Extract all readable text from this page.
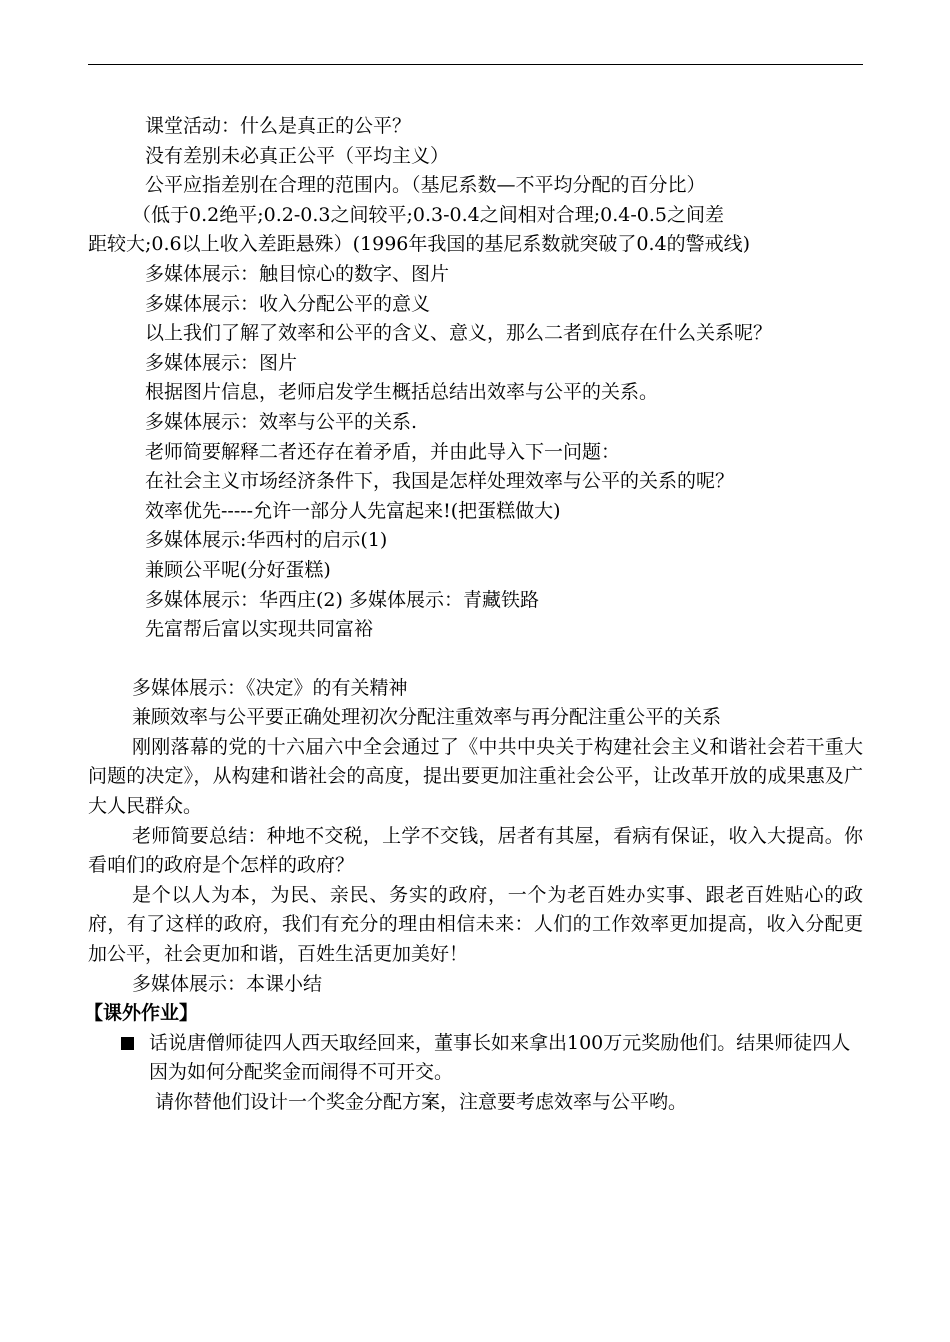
课堂活动：什么是真正的公平？
没有差别未必真正公平（平均主义）
公平应指差别在合理的范围内。（基尼系数—不平均分配的百分比）
（低于0.2绝平;0.2-0.3之间较平;0.3-0.4之间相对合理;0.4-0.5之间差
距较大;0.6以上收入差距悬殊）(1996年我国的基尼系数就突破了0.4的警戒线)
多媒体展示：触目惊心的数字、图片
多媒体展示：收入分配公平的意义
以上我们了解了效率和公平的含义、意义，那么二者到底存在什么关系呢？
多媒体展示：图片
根据图片信息，老师启发学生概括总结出效率与公平的关系。
多媒体展示：效率与公平的关系.
老师简要解释二者还存在着矛盾，并由此导入下一问题：
在社会主义市场经济条件下，我国是怎样处理效率与公平的关系的呢？
效率优先-----允许一部分人先富起来!(把蛋糕做大)
多媒体展示:华西村的启示(1)
兼顾公平呢(分好蛋糕)
多媒体展示：华西庄(2) 多媒体展示：青藏铁路
先富帮后富以实现共同富裕
多媒体展示：《决定》的有关精神
兼顾效率与公平要正确处理初次分配注重效率与再分配注重公平的关系
刚刚落幕的党的十六届六中全会通过了《中共中央关于构建社会主义和谐社会若干重大问题的决定》，从构建和谐社会的高度，提出要更加注重社会公平，让改革开放的成果惠及广大人民群众。
老师简要总结：种地不交税，上学不交钱，居者有其屋，看病有保证，收入大提高。你看咱们的政府是个怎样的政府？
是个以人为本，为民、亲民、务实的政府，一个为老百姓办实事、跟老百姓贴心的政府，有了这样的政府，我们有充分的理由相信未来：人们的工作效率更加提高，收入分配更加公平，社会更加和谐，百姓生活更加美好！
多媒体展示：本课小结
【课外作业】
话说唐僧师徒四人西天取经回来，董事长如来拿出100万元奖励他们。结果师徒四人因为如何分配奖金而闹得不可开交。
请你替他们设计一个奖金分配方案，注意要考虑效率与公平哟。
